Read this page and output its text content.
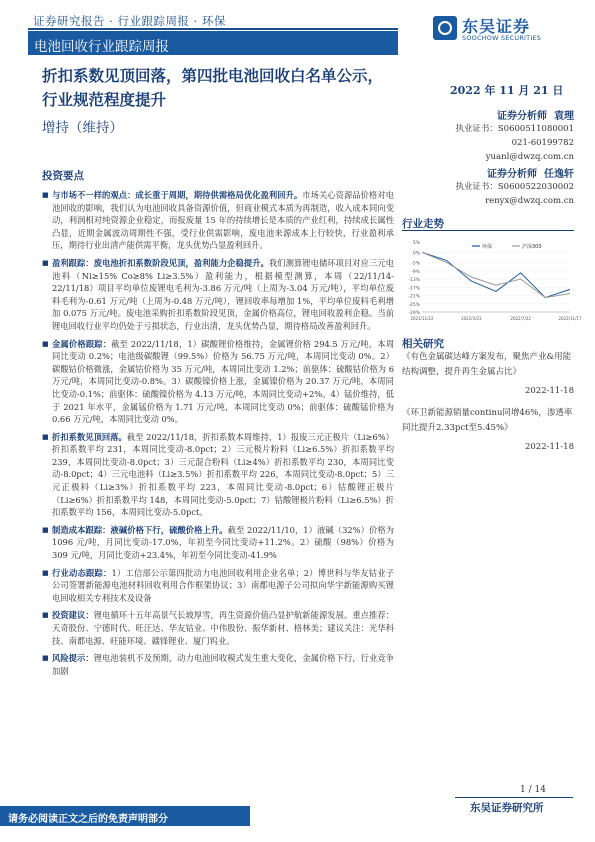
证券研究报告 · 行业跟踪周报 · 环保
电池回收行业跟踪周报
折扣系数见顶回落，第四批电池回收白名单公示，行业规范程度提升
增持（维持）
东吴证券
SOOCHOW SECURITIES
2022 年 11 月 21 日
证券分析师 袁理
执业证书：S0600511080001
021-60199782
yuanl@dwzq.com.cn
证券分析师 任逸轩
执业证书：S0600522030002
renyx@dwzq.com.cn
行业走势
5%
0%
-5%
-9%
-13%
-17%
-21%
-25%
-29%
2021/11/22	2022/3/23	2022/7/22	2022/11/17
环保	沪深300
相关研究
《有色金属碳达峰方案发布，聚焦产业&用能结构调整，提升再生金属占比》
2022-11-18
《环卫新能源销量continu同增46%，渗透率同比提升2.33pct至5.45%》
2022-11-18
投资要点
■ 与市场不一样的观点：成长重于周期，期待供需格局优化盈利回升。市场关心资源品价格对电池回收的影响，我们认为电池回收具备资源价值，但商业模式本质为再制造，收入成本同向变动，利润相对纯资源企业稳定，而报废量 15 年的持续增长是本质的产业红利，持续成长属性凸显，近期金属波动周期性不强，受行业供需影响，废电池来源成本上行较快，行业盈利承压，期待行业出清产能供需平衡，龙头优势凸显盈利回升。
■ 盈利跟踪：废电池折扣系数阶段见顶，盈利能力企稳提升。我们测算锂电储环项目对应三元电池料（Ni≥15% Co≥8% Li≥3.5%）盈利能力，根据模型测算，本周（22/11/14-22/11/18）项目平均单位废锂电毛利为-3.86 万元/吨（上周为-3.04 万元/吨），平均单位废料毛利为-0.61 万元/吨（上周为-0.48 万元/吨），锂回收率每增加 1%，平均单位废料毛利增加 0.075 万元/吨。废电池采购折扣系数阶段见顶，金属价格高位，锂电回收盈利企稳。当前锂电回收行业平均仍处于亏损状态，行业出清，龙头优势凸显，期待格局改善盈利回升。
■ 金属价格跟踪：截至 2022/11/18，1）碳酸锂价格维持，金属锂价格 294.5 万元/吨，本周同比变动 0.2%；电池级碳酸锂（99.5%）价格为 56.75 万元/吨，本周同比变动 0%。2）碳酸钴价格微涨，金属钴价格为 35 万元/吨，本周同比变动 1.2%；前驱体：硫酸钴价格为 6 万元/吨，本周同比变动-0.8%。3）碳酸镍价格上涨，金属镍价格为 20.37 万元/吨，本周同比变动-0.1%；前驱体：硫酸镍价格为 4.13 万元/吨，本周同比变动+2%。4）锰价维持，低于 2021 年水平，金属锰价格为 1.71 万元/吨，本周同比变动 0%；前驱体：硫酸锰价格为 0.66 万元/吨，本周同比变动 0%。
■ 折扣系数见顶回落。截至 2022/11/18，折扣系数本周维持，1）报废三元正极片（Li≥6%）折扣系数平均 231，本周同比变动-8.0pct；2）三元极片粉料（Li≥6.5%）折扣系数平均 239，本周同比变动-8.0pct；3）三元混合粉料（Li≥4%）折扣系数平均 230，本周同比变动-8.0pct；4）三元电池料（Li≥3.5%）折扣系数平均 226，本周同比变动-8.0pct；5）三元正极料（Li≥3%）折扣系数平均 223，本周同比变动-8.0pct；6）钴酸锂正极片（Li≥6%）折扣系数平均 148，本周同比变动-5.0pct；7）钴酸锂极片粉料（Li≥6.5%）折扣系数平均 156，本周同比变动-5.0pct。
■ 制造成本跟踪：液碱价格下行，硫酸价格上升。截至 2022/11/10，1）液碱（32%）价格为 1096 元/吨，月同比变动-17.0%，年初至今同比变动+11.2%。2）硫酸（98%）价格为 309 元/吨，月同比变动+23.4%，年初至今同比变动-41.9%
■ 行业动态跟踪：1）工信部公示第四批动力电池回收利用企业名单；2）博世科与华友钴业子公司签署新能源电池材料回收利用合作框架协议；3）南都电源子公司拟向华宇新能源购买锂电回收相关专利技术及设备
■ 投资建议：锂电循环十五年高景气长坡厚雪，再生资源价值凸显护航新能源发展。重点推荐：天奇股份、宁德时代、旺汪达、华友钴业、中伟股份、振华新材、格林美；建议关注：光华科技、南都电源、旺能环境、赣锋锂业、厦门钨业。
■ 风险提示：锂电池装机不及预期，动力电池回收模式发生重大变化，金属价格下行，行业竞争加剧
1 / 14
东吴证券研究所
请务必阅读正文之后的免责声明部分
